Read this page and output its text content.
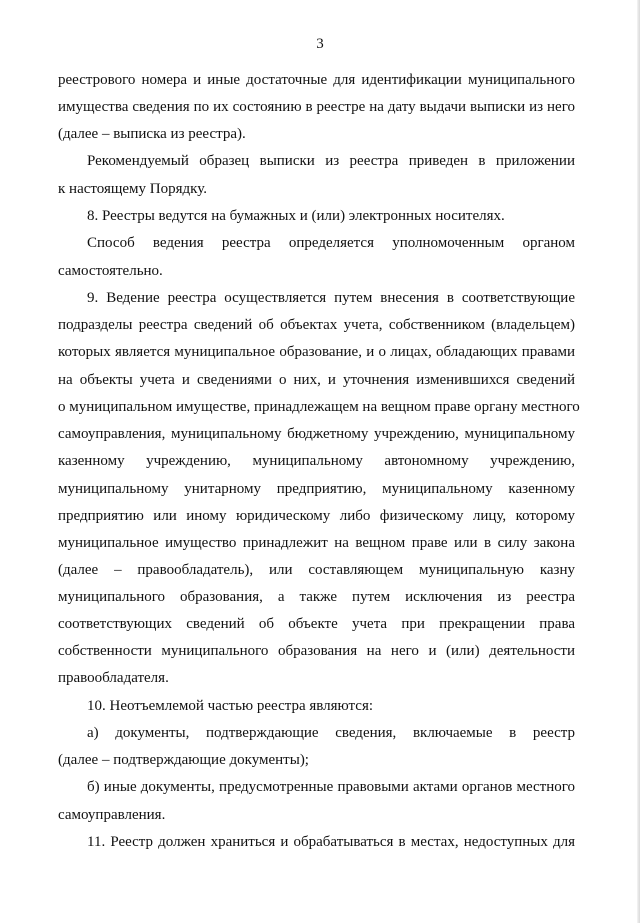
3
реестрового номера и иные достаточные для идентификации муниципального
имущества сведения по их состоянию в реестре на дату выдачи выписки из него
(далее – выписка из реестра).
Рекомендуемый образец выписки из реестра приведен в приложении
к настоящему Порядку.
8. Реестры ведутся на бумажных и (или) электронных носителях.
Способ ведения реестра определяется уполномоченным органом
самостоятельно.
9. Ведение реестра осуществляется путем внесения в соответствующие
подразделы реестра сведений об объектах учета, собственником (владельцем)
которых является муниципальное образование, и о лицах, обладающих правами
на объекты учета и сведениями о них, и уточнения изменившихся сведений
о муниципальном имуществе, принадлежащем на вещном праве органу местного
самоуправления, муниципальному бюджетному учреждению, муниципальному
казенному учреждению, муниципальному автономному учреждению,
муниципальному унитарному предприятию, муниципальному казенному
предприятию или иному юридическому либо физическому лицу, которому
муниципальное имущество принадлежит на вещном праве или в силу закона
(далее – правообладатель), или составляющем муниципальную казну
муниципального образования, а также путем исключения из реестра
соответствующих сведений об объекте учета при прекращении права
собственности муниципального образования на него и (или) деятельности
правообладателя.
10. Неотъемлемой частью реестра являются:
а) документы, подтверждающие сведения, включаемые в реестр
(далее – подтверждающие документы);
б) иные документы, предусмотренные правовыми актами органов местного
самоуправления.
11. Реестр должен храниться и обрабатываться в местах, недоступных для
